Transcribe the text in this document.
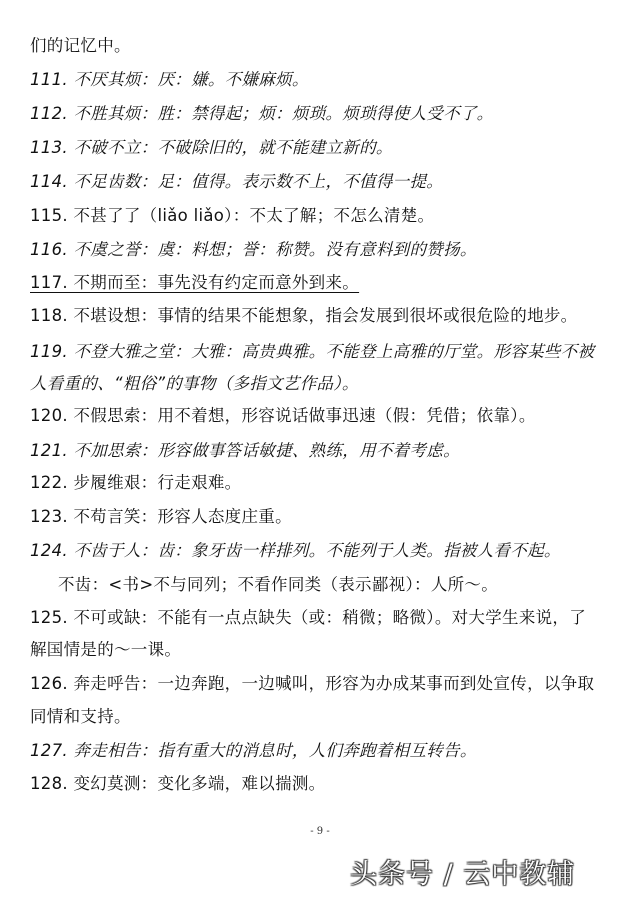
们的记忆中。
111. 不厌其烦：厌：嫌。不嫌麻烦。
112. 不胜其烦：胜：禁得起；烦：烦琐。烦琐得使人受不了。
113. 不破不立：不破除旧的，就不能建立新的。
114. 不足齿数：足：值得。表示数不上，不值得一提。
115. 不甚了了（liǎo liǎo）：不太了解；不怎么清楚。
116. 不虞之誉：虞：料想；誉：称赞。没有意料到的赞扬。
117. 不期而至：事先没有约定而意外到来。
118. 不堪设想：事情的结果不能想象，指会发展到很坏或很危险的地步。
119. 不登大雅之堂：大雅：高贵典雅。不能登上高雅的厅堂。形容某些不被
人看重的、“粗俗”的事物（多指文艺作品）。
120. 不假思索：用不着想，形容说话做事迅速（假：凭借；依靠）。
121. 不加思索：形容做事答话敏捷、熟练，用不着考虑。
122. 步履维艰：行走艰难。
123. 不苟言笑：形容人态度庄重。
124. 不齿于人：齿：象牙齿一样排列。不能列于人类。指被人看不起。
不齿：<书>不与同列；不看作同类（表示鄙视）：人所～。
125. 不可或缺：不能有一点点缺失（或：稍微；略微）。对大学生来说，了
解国情是的～一课。
126. 奔走呼告：一边奔跑，一边喊叫，形容为办成某事而到处宣传，以争取
同情和支持。
127. 奔走相告：指有重大的消息时，人们奔跑着相互转告。
128. 变幻莫测：变化多端，难以揣测。
- 9 -
头条号 / 云中教辅
